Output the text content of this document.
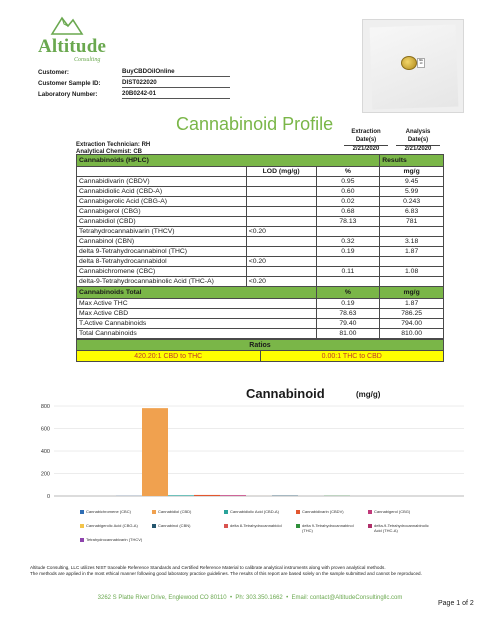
Altitude
Consulting
Customer:	BuyCBDOilOnline
Customer Sample ID:	DIST022020
Laboratory Number:	20B0242-01
ME 10
Cannabinoid Profile
Extraction Technician: RH
Analytical Chemist: CB
Extraction Date(s)
2/21/2020
Analysis Date(s)
2/21/2020
Cannabinoids (HPLC)			Results
	LOD (mg/g)	%	mg/g
Cannabidivarin (CBDV)		0.95	9.45
Cannabidiolic Acid (CBD-A)		0.60	5.99
Cannabigerolic Acid (CBG-A)		0.02	0.243
Cannabigerol (CBG)		0.68	6.83
Cannabidiol (CBD)		78.13	781
Tetrahydrocannabivarin (THCV)	<0.20		
Cannabinol (CBN)		0.32	3.18
delta 9-Tetrahydrocannabinol (THC)		0.19	1.87
delta 8-Tetrahydrocannabidol	<0.20		
Cannabichromene (CBC)		0.11	1.08
delta-9-Tetrahydrocannabinolic Acid (THC-A)	<0.20		
Cannabinoids Total		%	mg/g
Max Active THC		0.19	1.87
Max Active CBD		78.63	786.25
T.Active Cannabinoids		79.40	794.00
Total Cannabinoids		81.00	810.00
Ratios
420.20:1 CBD to THC	0.00:1 THC to CBD
Cannabinoid	(mg/g)
0
200
400
600
800
Cannabichromene (CBC)	Cannabidiol (CBD)	Cannabidiolic Acid (CBD-A)	Cannabidivarin (CBDV)	Cannabigerol (CBG)
Cannabigerolic Acid (CBG-A)	Cannabinol (CBN)	delta 8-Tetrahydrocannabidol	delta 9-Tetrahydrocannabinol (THC)
delta-9-Tetrahydrocannabinolic Acid (THC-A)
Tetrahydrocannabivarin (THCV)
Altitude Consulting, LLC utilizes NIST traceable Reference Standards and Certified Reference Material to calibrate analytical instruments along with proven analytical methods.
The methods are applied in the most ethical manner following good laboratory practice guidelines. The results of this report are based solely on the sample submitted and cannot be reproduced.
3262 S Platte River Drive, Englewood CO 80110  •  Ph: 303.350.1662  •  Email: contact@AltitudeConsultingllc.com
Page 1 of 2
